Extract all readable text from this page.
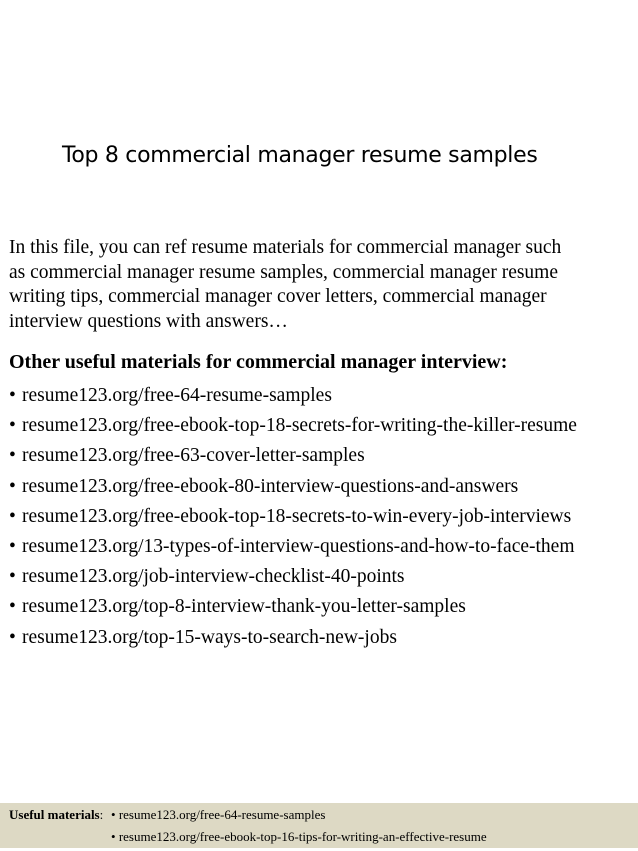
Top 8 commercial manager resume samples

In this file, you can ref resume materials for commercial manager such

as commercial manager resume samples, commercial manager resume

writing tips, commercial manager cover letters, commercial manager

interview questions with answers…

Other useful materials for commercial manager interview:
• resume123.org/free-64-resume-samples
• resume123.org/free-ebook-top-18-secrets-for-writing-the-killer-resume
• resume123.org/free-63-cover-letter-samples
• resume123.org/free-ebook-80-interview-questions-and-answers
• resume123.org/free-ebook-top-18-secrets-to-win-every-job-interviews
• resume123.org/13-types-of-interview-questions-and-how-to-face-them
• resume123.org/job-interview-checklist-40-points
• resume123.org/top-8-interview-thank-you-letter-samples
• resume123.org/top-15-ways-to-search-new-jobs
Useful materials: • resume123.org/free-64-resume-samples
• resume123.org/free-ebook-top-16-tips-for-writing-an-effective-resume
